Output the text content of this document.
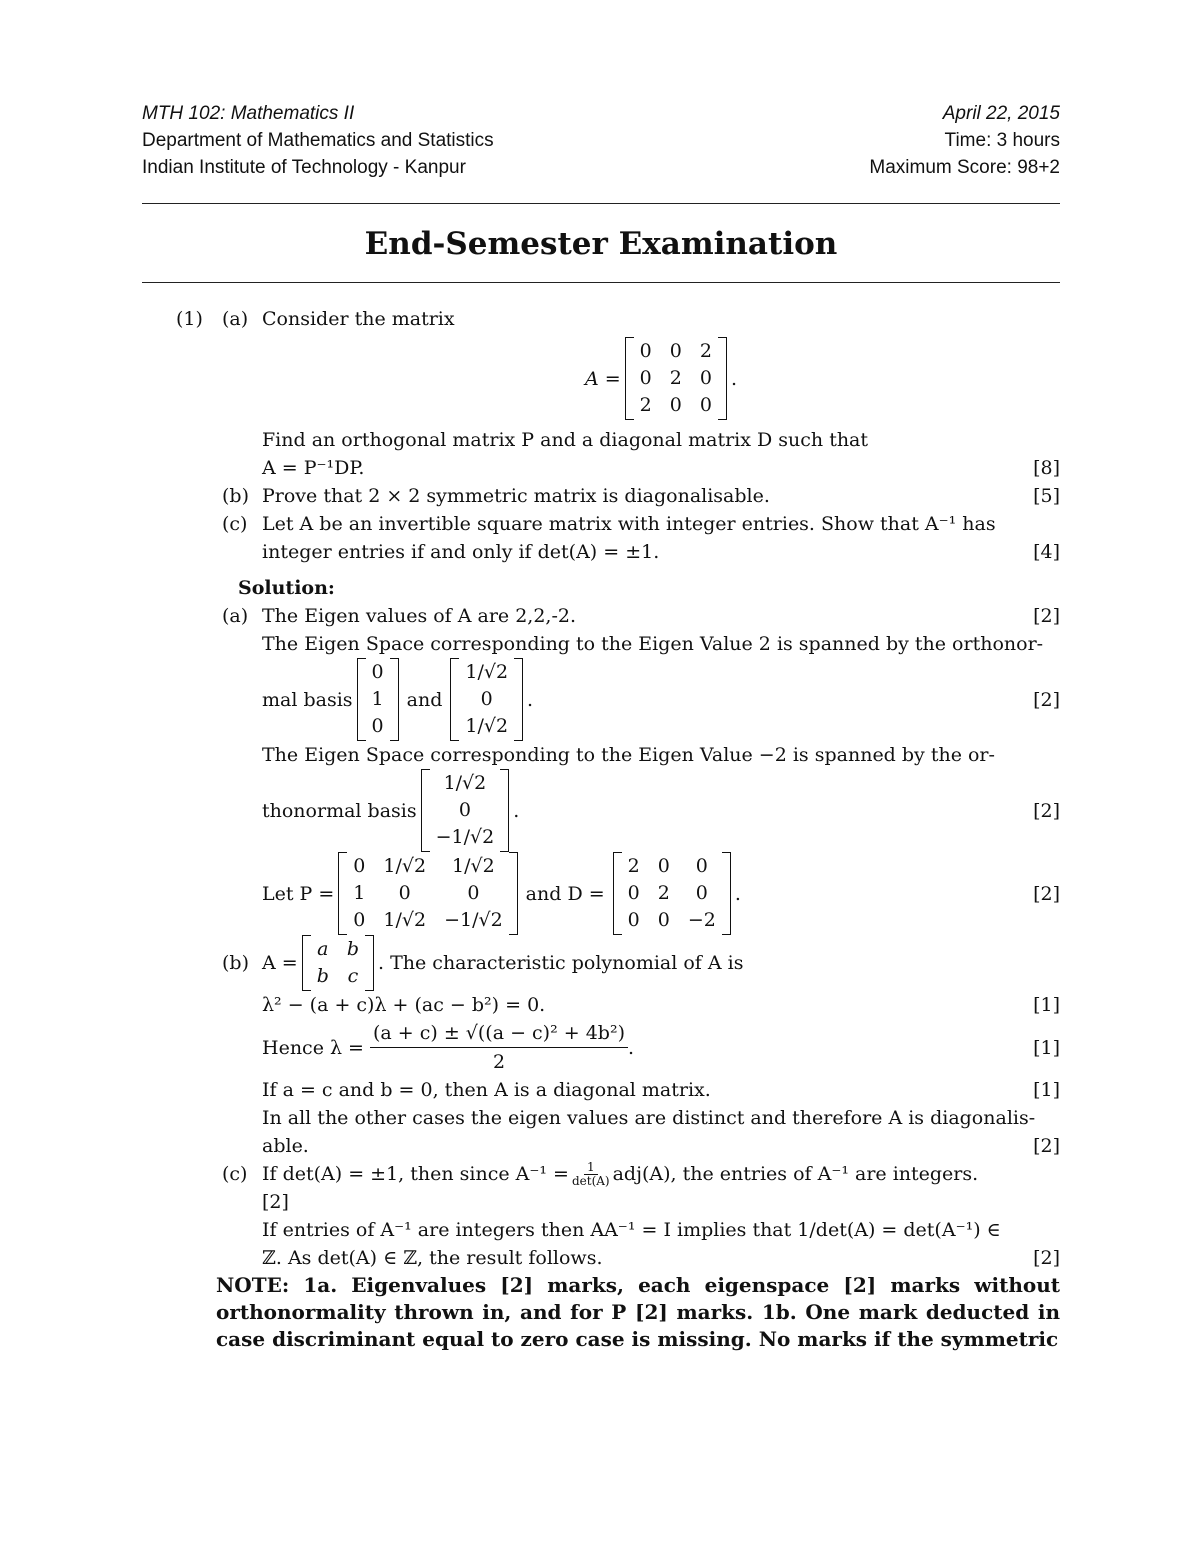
MTH 102: Mathematics II
Department of Mathematics and Statistics
Indian Institute of Technology - Kanpur
April 22, 2015
Time: 3 hours
Maximum Score: 98+2
End-Semester Examination
(1) (a) Consider the matrix
A =
0 0 2
0 2 0
2 0 0
.
Find an orthogonal matrix P and a diagonal matrix D such that
A = P⁻¹DP.	[8]
(b) Prove that 2 × 2 symmetric matrix is diagonalisable.	[5]
(c) Let A be an invertible square matrix with integer entries. Show that A⁻¹ has
integer entries if and only if det(A) = ±1.	[4]
Solution:
(a) The Eigen values of A are 2,2,-2.	[2]
The Eigen Space corresponding to the Eigen Value 2 is spanned by the orthonor-
mal basis
0
1
0
and
1/√2
0
1/√2
.	[2]
The Eigen Space corresponding to the Eigen Value −2 is spanned by the or-
thonormal basis
1/√2
0
−1/√2
.	[2]
Let P =
0 1/√2	1/√2
1	0	0
0 1/√2 −1/√2
and D =
2 0	0
0 2	0
0 0 −2
.	[2]
(b) A =
a b
b c
. The characteristic polynomial of A is
λ² − (a + c)λ + (ac − b²) = 0.	[1]
Hence $\lambda = \frac{\text{(a + c) ± √((a − c)² + 4b²)}}{2}$ .	[1]
If a = c and b = 0, then A is a diagonal matrix.	[1]
In all the other cases the eigen values are distinct and therefore A is diagonalis-
able.	[2]
(c) If det(A) = ±1, then since $A^{-1} = \frac{1}{\det(A)} adj(A)$, the entries of A⁻¹ are integers.
[2]
If entries of A⁻¹ are integers then AA⁻¹ = I implies that 1/det(A) = det(A⁻¹) ∈
ℤ. As det(A) ∈ ℤ, the result follows.	[2]
NOTE: 1a. Eigenvalues [2] marks, each eigenspace [2] marks without orthonormality thrown in, and for P [2] marks. 1b. One mark deducted in case discriminant equal to zero case is missing. No marks if the symmetric
